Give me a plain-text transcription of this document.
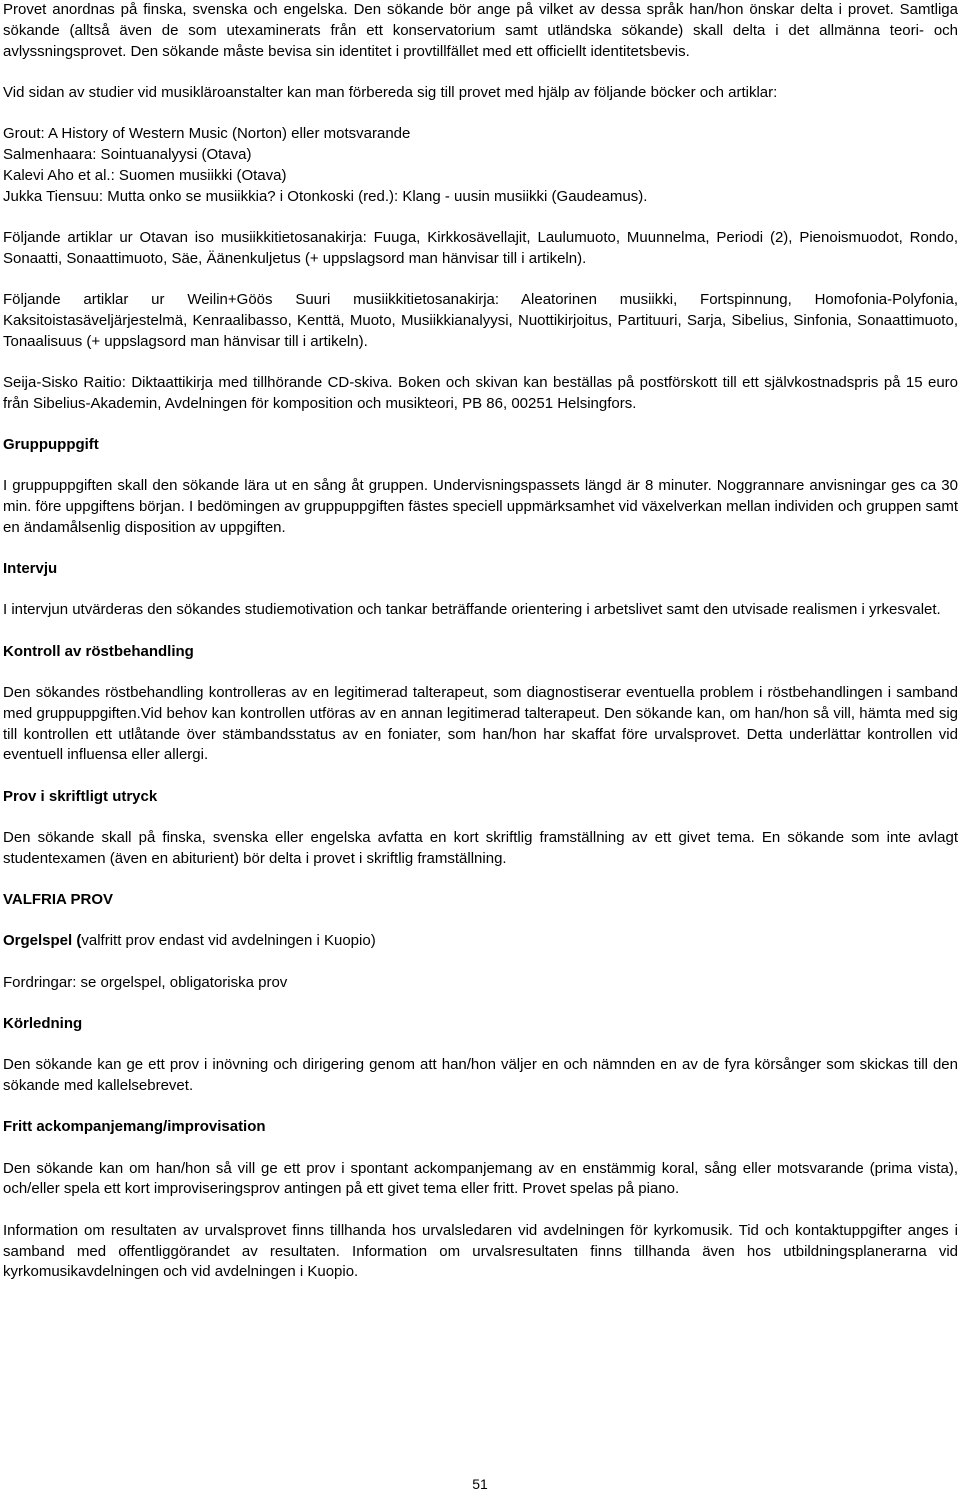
Provet anordnas på finska, svenska och engelska. Den sökande bör ange på vilket av dessa språk han/hon önskar delta i provet. Samtliga sökande (alltså även de som utexaminerats från ett konservatorium samt utländska sökande) skall delta i det allmänna teori- och avlyssningsprovet. Den sökande måste bevisa sin identitet i provtillfället med ett officiellt identitetsbevis.

Vid sidan av studier vid musikläroanstalter kan man förbereda sig till provet med hjälp av följande böcker och artiklar:

Grout: A History of Western Music (Norton) eller motsvarande
Salmenhaara: Sointuanalyysi (Otava)
Kalevi Aho et al.: Suomen musiikki (Otava)
Jukka Tiensuu: Mutta onko se musiikkia? i Otonkoski (red.): Klang - uusin musiikki (Gaudeamus).

Följande artiklar ur Otavan iso musiikkitietosanakirja: Fuuga, Kirkkosävellajit, Laulumuoto, Muunnelma, Periodi (2), Pienoismuodot, Rondo, Sonaatti, Sonaattimuoto, Säe, Äänenkuljetus (+ uppslagsord man hänvisar till i artikeln).

Följande artiklar ur Weilin+Göös Suuri musiikkitietosanakirja: Aleatorinen musiikki, Fortspinnung, Homofonia-Polyfonia, Kaksitoistasäveljärjestelmä, Kenraalibasso, Kenttä, Muoto, Musiikkianalyysi, Nuottikirjoitus, Partituuri, Sarja, Sibelius, Sinfonia, Sonaattimuoto, Tonaalisuus (+ uppslagsord man hänvisar till i artikeln).

Seija-Sisko Raitio: Diktaattikirja med tillhörande CD-skiva. Boken och skivan kan beställas på postförskott till ett självkostnadspris på 15 euro från Sibelius-Akademin, Avdelningen för komposition och musikteori, PB 86, 00251 Helsingfors.

Gruppuppgift

I gruppuppgiften skall den sökande lära ut en sång åt gruppen. Undervisningspassets längd är 8 minuter. Noggrannare anvisningar ges ca 30 min. före uppgiftens början. I bedömingen av gruppuppgiften fästes speciell uppmärksamhet vid växelverkan mellan individen och gruppen samt en ändamålsenlig disposition av uppgiften.

Intervju

I intervjun utvärderas den sökandes studiemotivation och tankar beträffande orientering i arbetslivet samt den utvisade realismen i yrkesvalet.

Kontroll av röstbehandling

Den sökandes röstbehandling kontrolleras av en legitimerad talterapeut, som diagnostiserar eventuella problem i röstbehandlingen i samband med gruppuppgiften.Vid behov kan kontrollen utföras av en annan legitimerad talterapeut. Den sökande kan, om han/hon så vill, hämta med sig till kontrollen ett utlåtande över stämbandsstatus av en foniater, som han/hon har skaffat före urvalsprovet. Detta underlättar kontrollen vid eventuell influensa eller allergi.

Prov i skriftligt utryck

Den sökande skall på finska, svenska eller engelska avfatta en kort skriftlig framställning av ett givet tema. En sökande som inte avlagt studentexamen (även en abiturient) bör delta i provet i skriftlig framställning.

VALFRIA PROV
Orgelspel (valfritt prov endast vid avdelningen i Kuopio)

Fordringar: se orgelspel, obligatoriska prov

Körledning

Den sökande kan ge ett prov i inövning och dirigering genom att han/hon väljer en och nämnden en av de fyra körsånger som skickas till den sökande med kallelsebrevet.

Fritt ackompanjemang/improvisation

Den sökande kan om han/hon så vill ge ett prov i spontant ackompanjemang av en enstämmig koral, sång eller motsvarande (prima vista), och/eller spela ett kort improviseringsprov antingen på ett givet tema eller fritt. Provet spelas på piano.

Information om resultaten av urvalsprovet finns tillhanda hos urvalsledaren vid avdelningen för kyrkomusik. Tid och kontaktuppgifter anges i samband med offentliggörandet av resultaten. Information om urvalsresultaten finns tillhanda även hos utbildningsplanerarna vid kyrkomusikavdelningen och vid avdelningen i Kuopio.

51
